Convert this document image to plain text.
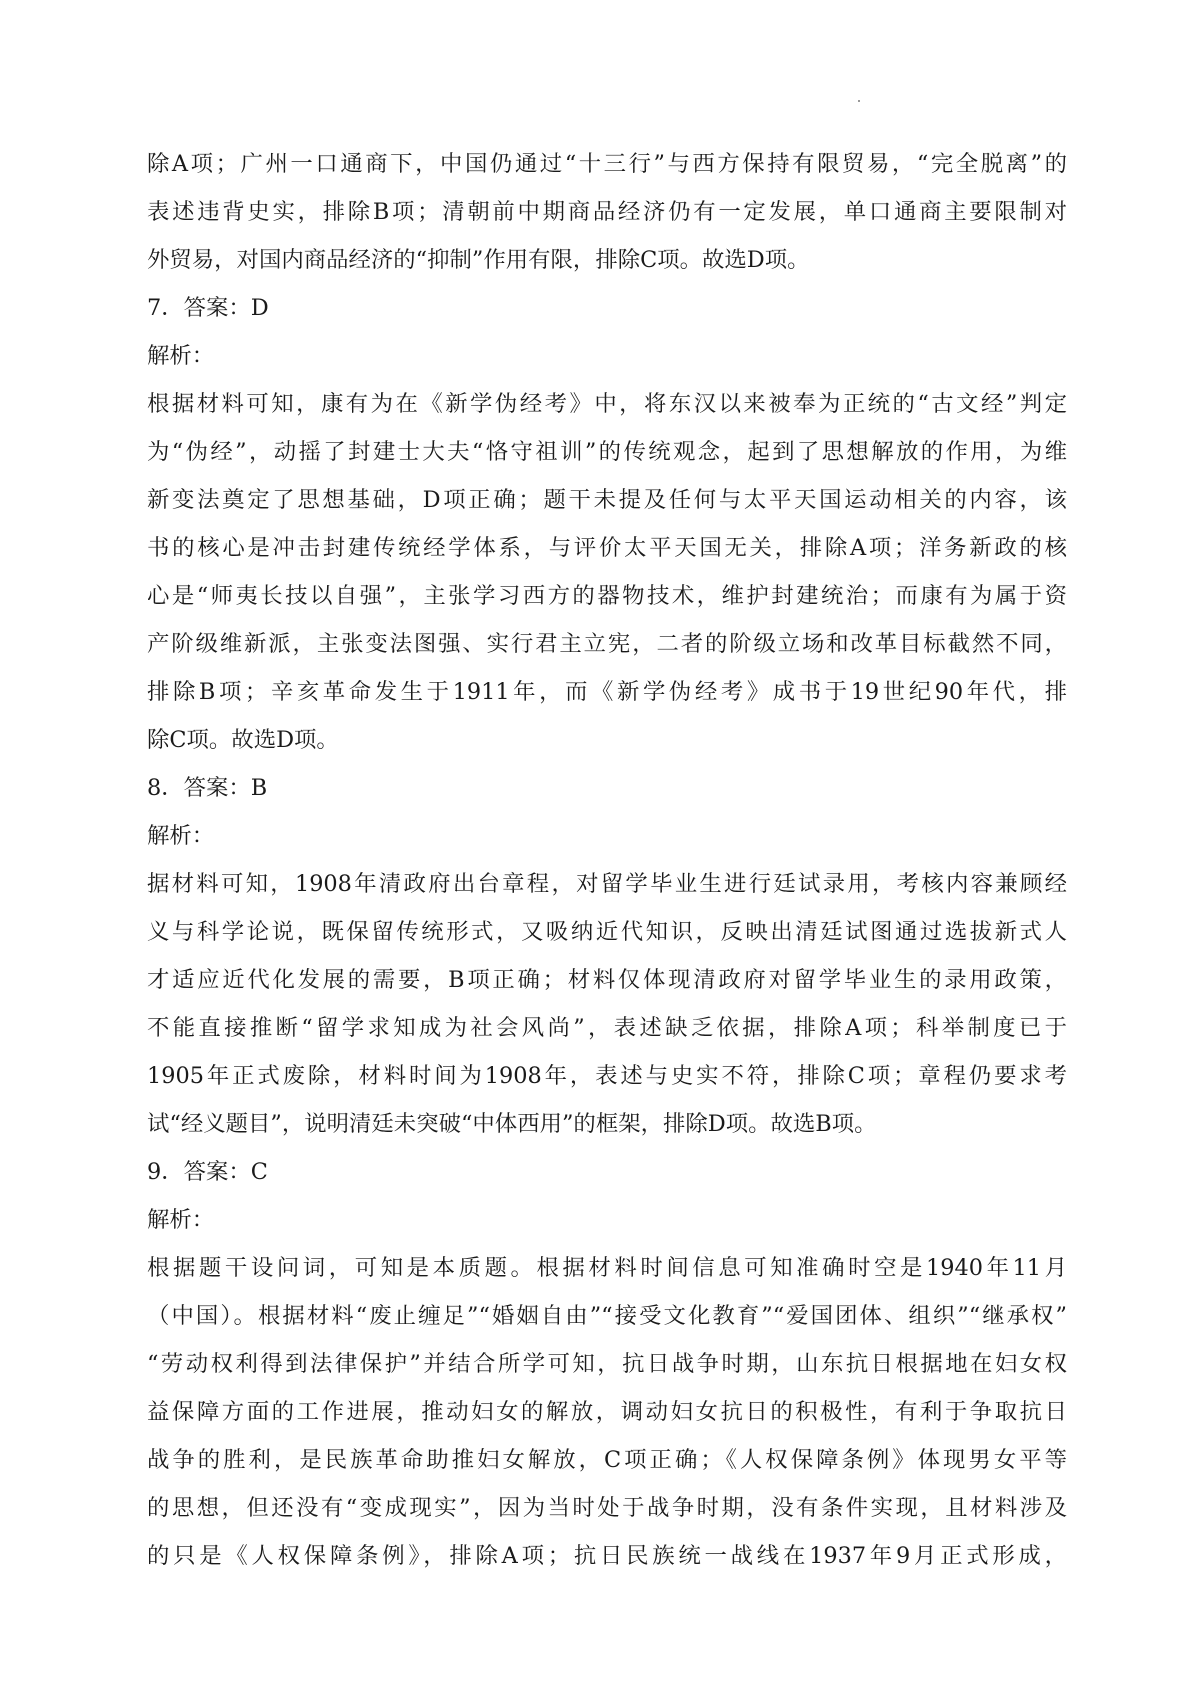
除A项；广州一口通商下，中国仍通过“十三行”与西方保持有限贸易，“完全脱离”的
表述违背史实，排除B项；清朝前中期商品经济仍有一定发展，单口通商主要限制对
外贸易，对国内商品经济的“抑制”作用有限，排除C项。故选D项。
7．答案：D
解析：
根据材料可知，康有为在《新学伪经考》中，将东汉以来被奉为正统的“古文经”判定
为“伪经”，动摇了封建士大夫“恪守祖训”的传统观念，起到了思想解放的作用，为维
新变法奠定了思想基础，D项正确；题干未提及任何与太平天国运动相关的内容，该
书的核心是冲击封建传统经学体系，与评价太平天国无关，排除A项；洋务新政的核
心是“师夷长技以自强”，主张学习西方的器物技术，维护封建统治；而康有为属于资
产阶级维新派，主张变法图强、实行君主立宪，二者的阶级立场和改革目标截然不同，
排除B项；辛亥革命发生于1911年，而《新学伪经考》成书于19世纪90年代，排
除C项。故选D项。
8．答案：B
解析：
据材料可知，1908年清政府出台章程，对留学毕业生进行廷试录用，考核内容兼顾经
义与科学论说，既保留传统形式，又吸纳近代知识，反映出清廷试图通过选拔新式人
才适应近代化发展的需要，B项正确；材料仅体现清政府对留学毕业生的录用政策，
不能直接推断“留学求知成为社会风尚”，表述缺乏依据，排除A项；科举制度已于
1905年正式废除，材料时间为1908年，表述与史实不符，排除C项；章程仍要求考
试“经义题目”，说明清廷未突破“中体西用”的框架，排除D项。故选B项。
9．答案：C
解析：
根据题干设问词，可知是本质题。根据材料时间信息可知准确时空是1940年11月
（中国）。根据材料“废止缠足”“婚姻自由”“接受文化教育”“爱国团体、组织”“继承权”
“劳动权利得到法律保护”并结合所学可知，抗日战争时期，山东抗日根据地在妇女权
益保障方面的工作进展，推动妇女的解放，调动妇女抗日的积极性，有利于争取抗日
战争的胜利，是民族革命助推妇女解放，C项正确；《人权保障条例》体现男女平等
的思想，但还没有“变成现实”，因为当时处于战争时期，没有条件实现，且材料涉及
的只是《人权保障条例》，排除A项；抗日民族统一战线在1937年9月正式形成，
